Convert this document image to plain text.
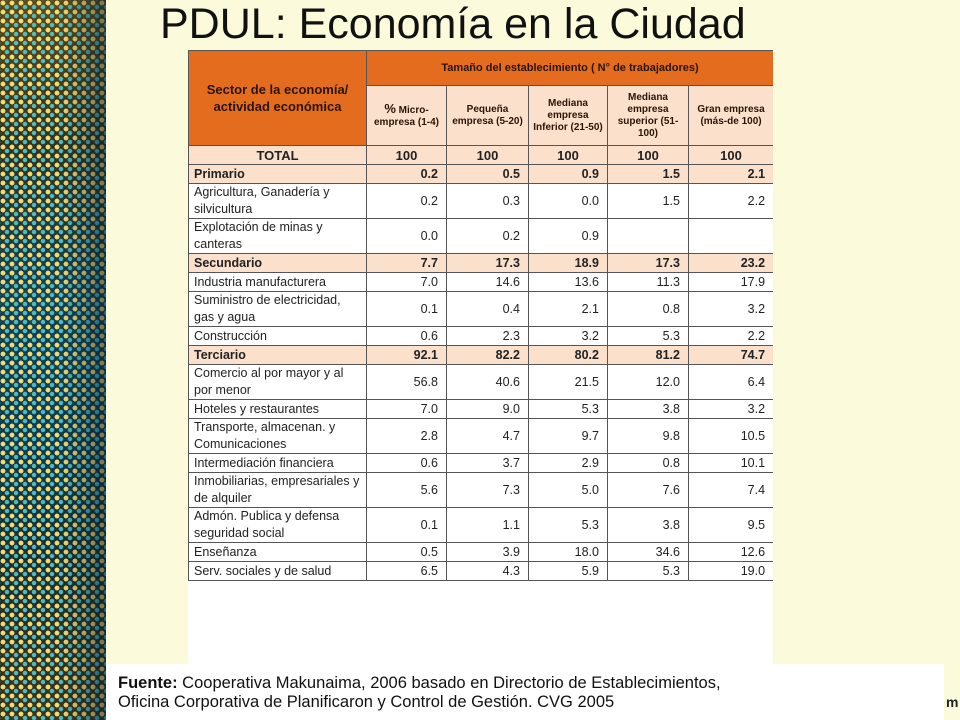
PDUL: Economía en la Ciudad
Sector de la economía/ actividad económica	Tamaño del establecimiento ( N° de trabajadores)				
	% Micro-empresa (1-4)	Pequeña empresa (5-20)	Mediana empresa Inferior (21-50)	Mediana empresa superior (51-100)	Gran empresa (más-de 100)
TOTAL	100	100	100	100	100
Primario	0.2	0.5	0.9	1.5	2.1
Agricultura, Ganadería y silvicultura	0.2	0.3	0.0	1.5	2.2
Explotación de minas y canteras	0.0	0.2	0.9		
Secundario	7.7	17.3	18.9	17.3	23.2
Industria manufacturera	7.0	14.6	13.6	11.3	17.9
Suministro de electricidad, gas y agua	0.1	0.4	2.1	0.8	3.2
Construcción	0.6	2.3	3.2	5.3	2.2
Terciario	92.1	82.2	80.2	81.2	74.7
Comercio al por mayor y al por menor	56.8	40.6	21.5	12.0	6.4
Hoteles y restaurantes	7.0	9.0	5.3	3.8	3.2
Transporte, almacenan. y Comunicaciones	2.8	4.7	9.7	9.8	10.5
Intermediación financiera	0.6	3.7	2.9	0.8	10.1
Inmobiliarias, empresariales y de alquiler	5.6	7.3	5.0	7.6	7.4
Admón. Publica y defensa seguridad social	0.1	1.1	5.3	3.8	9.5
Enseñanza	0.5	3.9	18.0	34.6	12.6
Serv. sociales y de salud	6.5	4.3	5.9	5.3	19.0
Fuente: Cooperativa Makunaima, 2006 basado en Directorio de Establecimientos,
Oficina Corporativa de Planificaron y Control de Gestión. CVG 2005	m
